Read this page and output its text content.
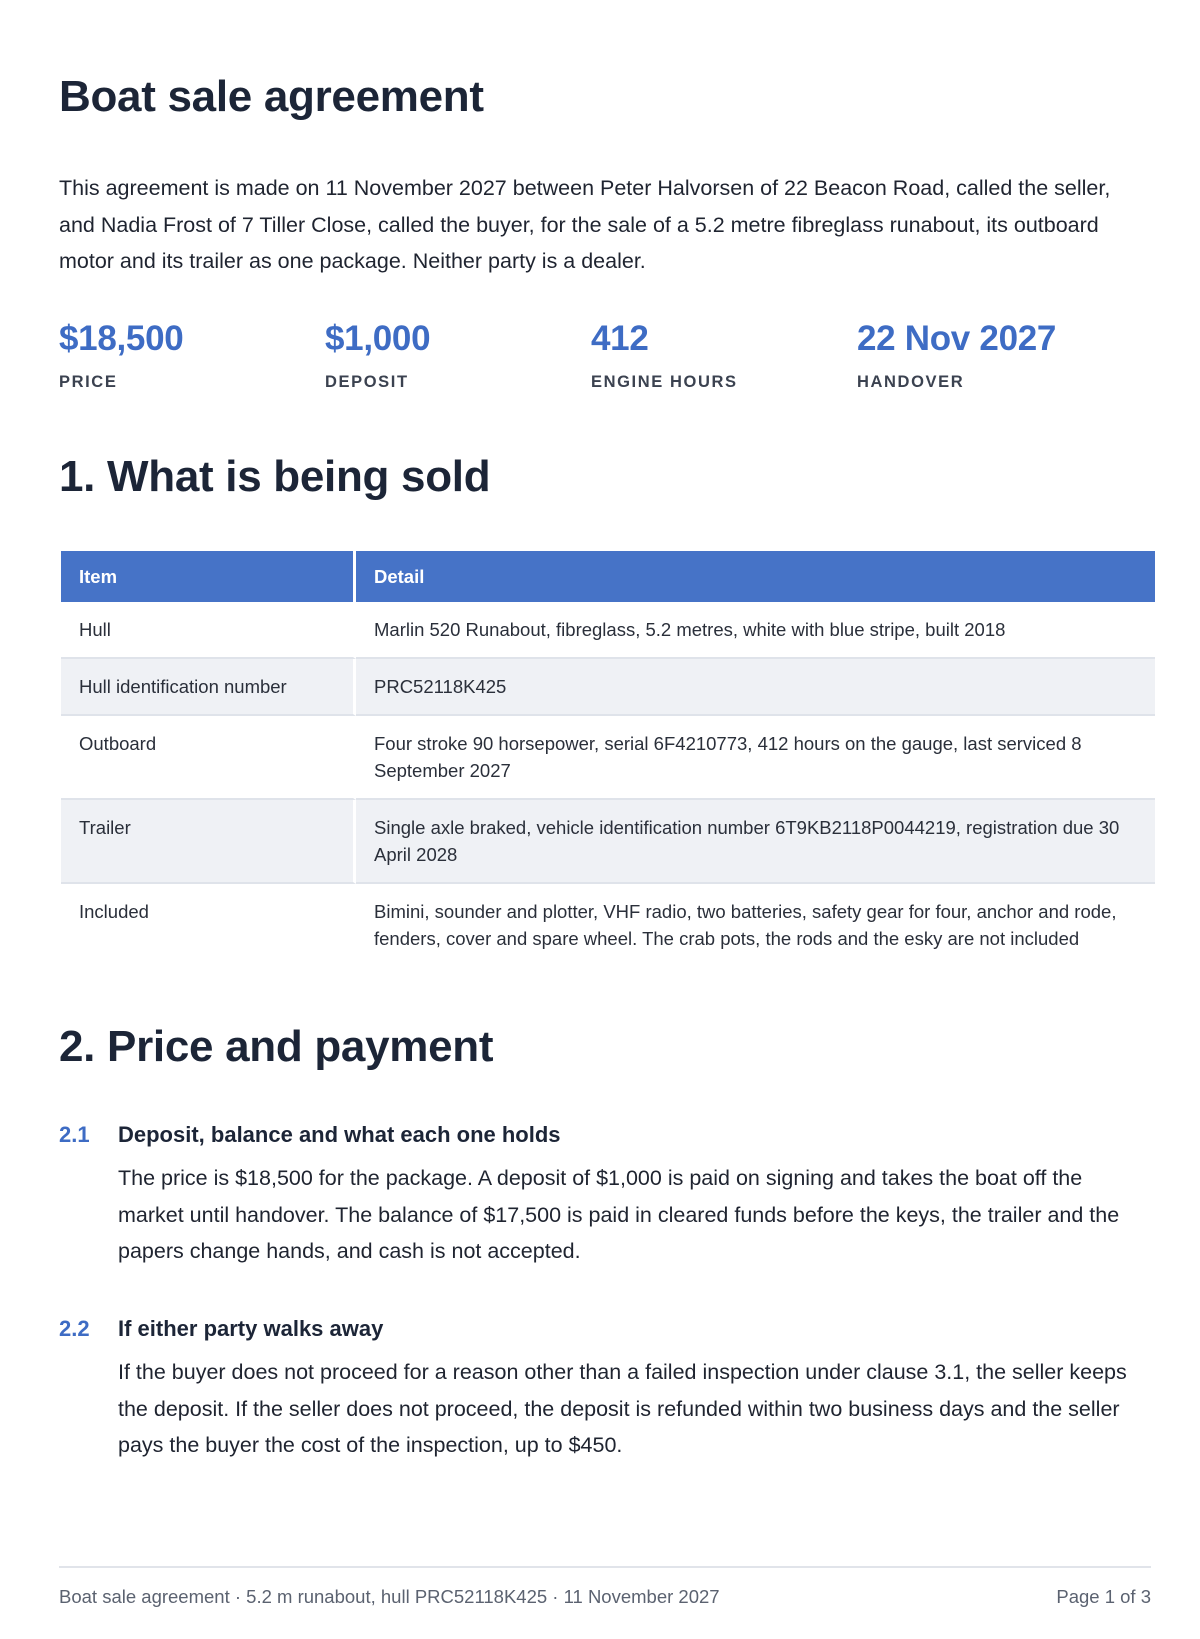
Boat sale agreement

This agreement is made on 11 November 2027 between Peter Halvorsen of 22 Beacon Road, called the seller, and Nadia Frost of 7 Tiller Close, called the buyer, for the sale of a 5.2 metre fibreglass runabout, its outboard motor and its trailer as one package. Neither party is a dealer.

$18,500
PRICE
$1,000
DEPOSIT
412
ENGINE HOURS
22 Nov 2027
HANDOVER
1. What is being sold
Item	Detail
Hull	Marlin 520 Runabout, fibreglass, 5.2 metres, white with blue stripe, built 2018
Hull identification number	PRC52118K425
Outboard	Four stroke 90 horsepower, serial 6F4210773, 412 hours on the gauge, last serviced 8 September 2027
Trailer	Single axle braked, vehicle identification number 6T9KB2118P0044219, registration due 30 April 2028
Included	Bimini, sounder and plotter, VHF radio, two batteries, safety gear for four, anchor and rode, fenders, cover and spare wheel. The crab pots, the rods and the esky are not included
2. Price and payment
2.1 Deposit, balance and what each one holds

The price is $18,500 for the package. A deposit of $1,000 is paid on signing and takes the boat off the market until handover. The balance of $17,500 is paid in cleared funds before the keys, the trailer and the papers change hands, and cash is not accepted.

2.2 If either party walks away

If the buyer does not proceed for a reason other than a failed inspection under clause 3.1, the seller keeps the deposit. If the seller does not proceed, the deposit is refunded within two business days and the seller pays the buyer the cost of the inspection, up to $450.

Boat sale agreement · 5.2 m runabout, hull PRC52118K425 · 11 November 2027	Page 1 of 3
